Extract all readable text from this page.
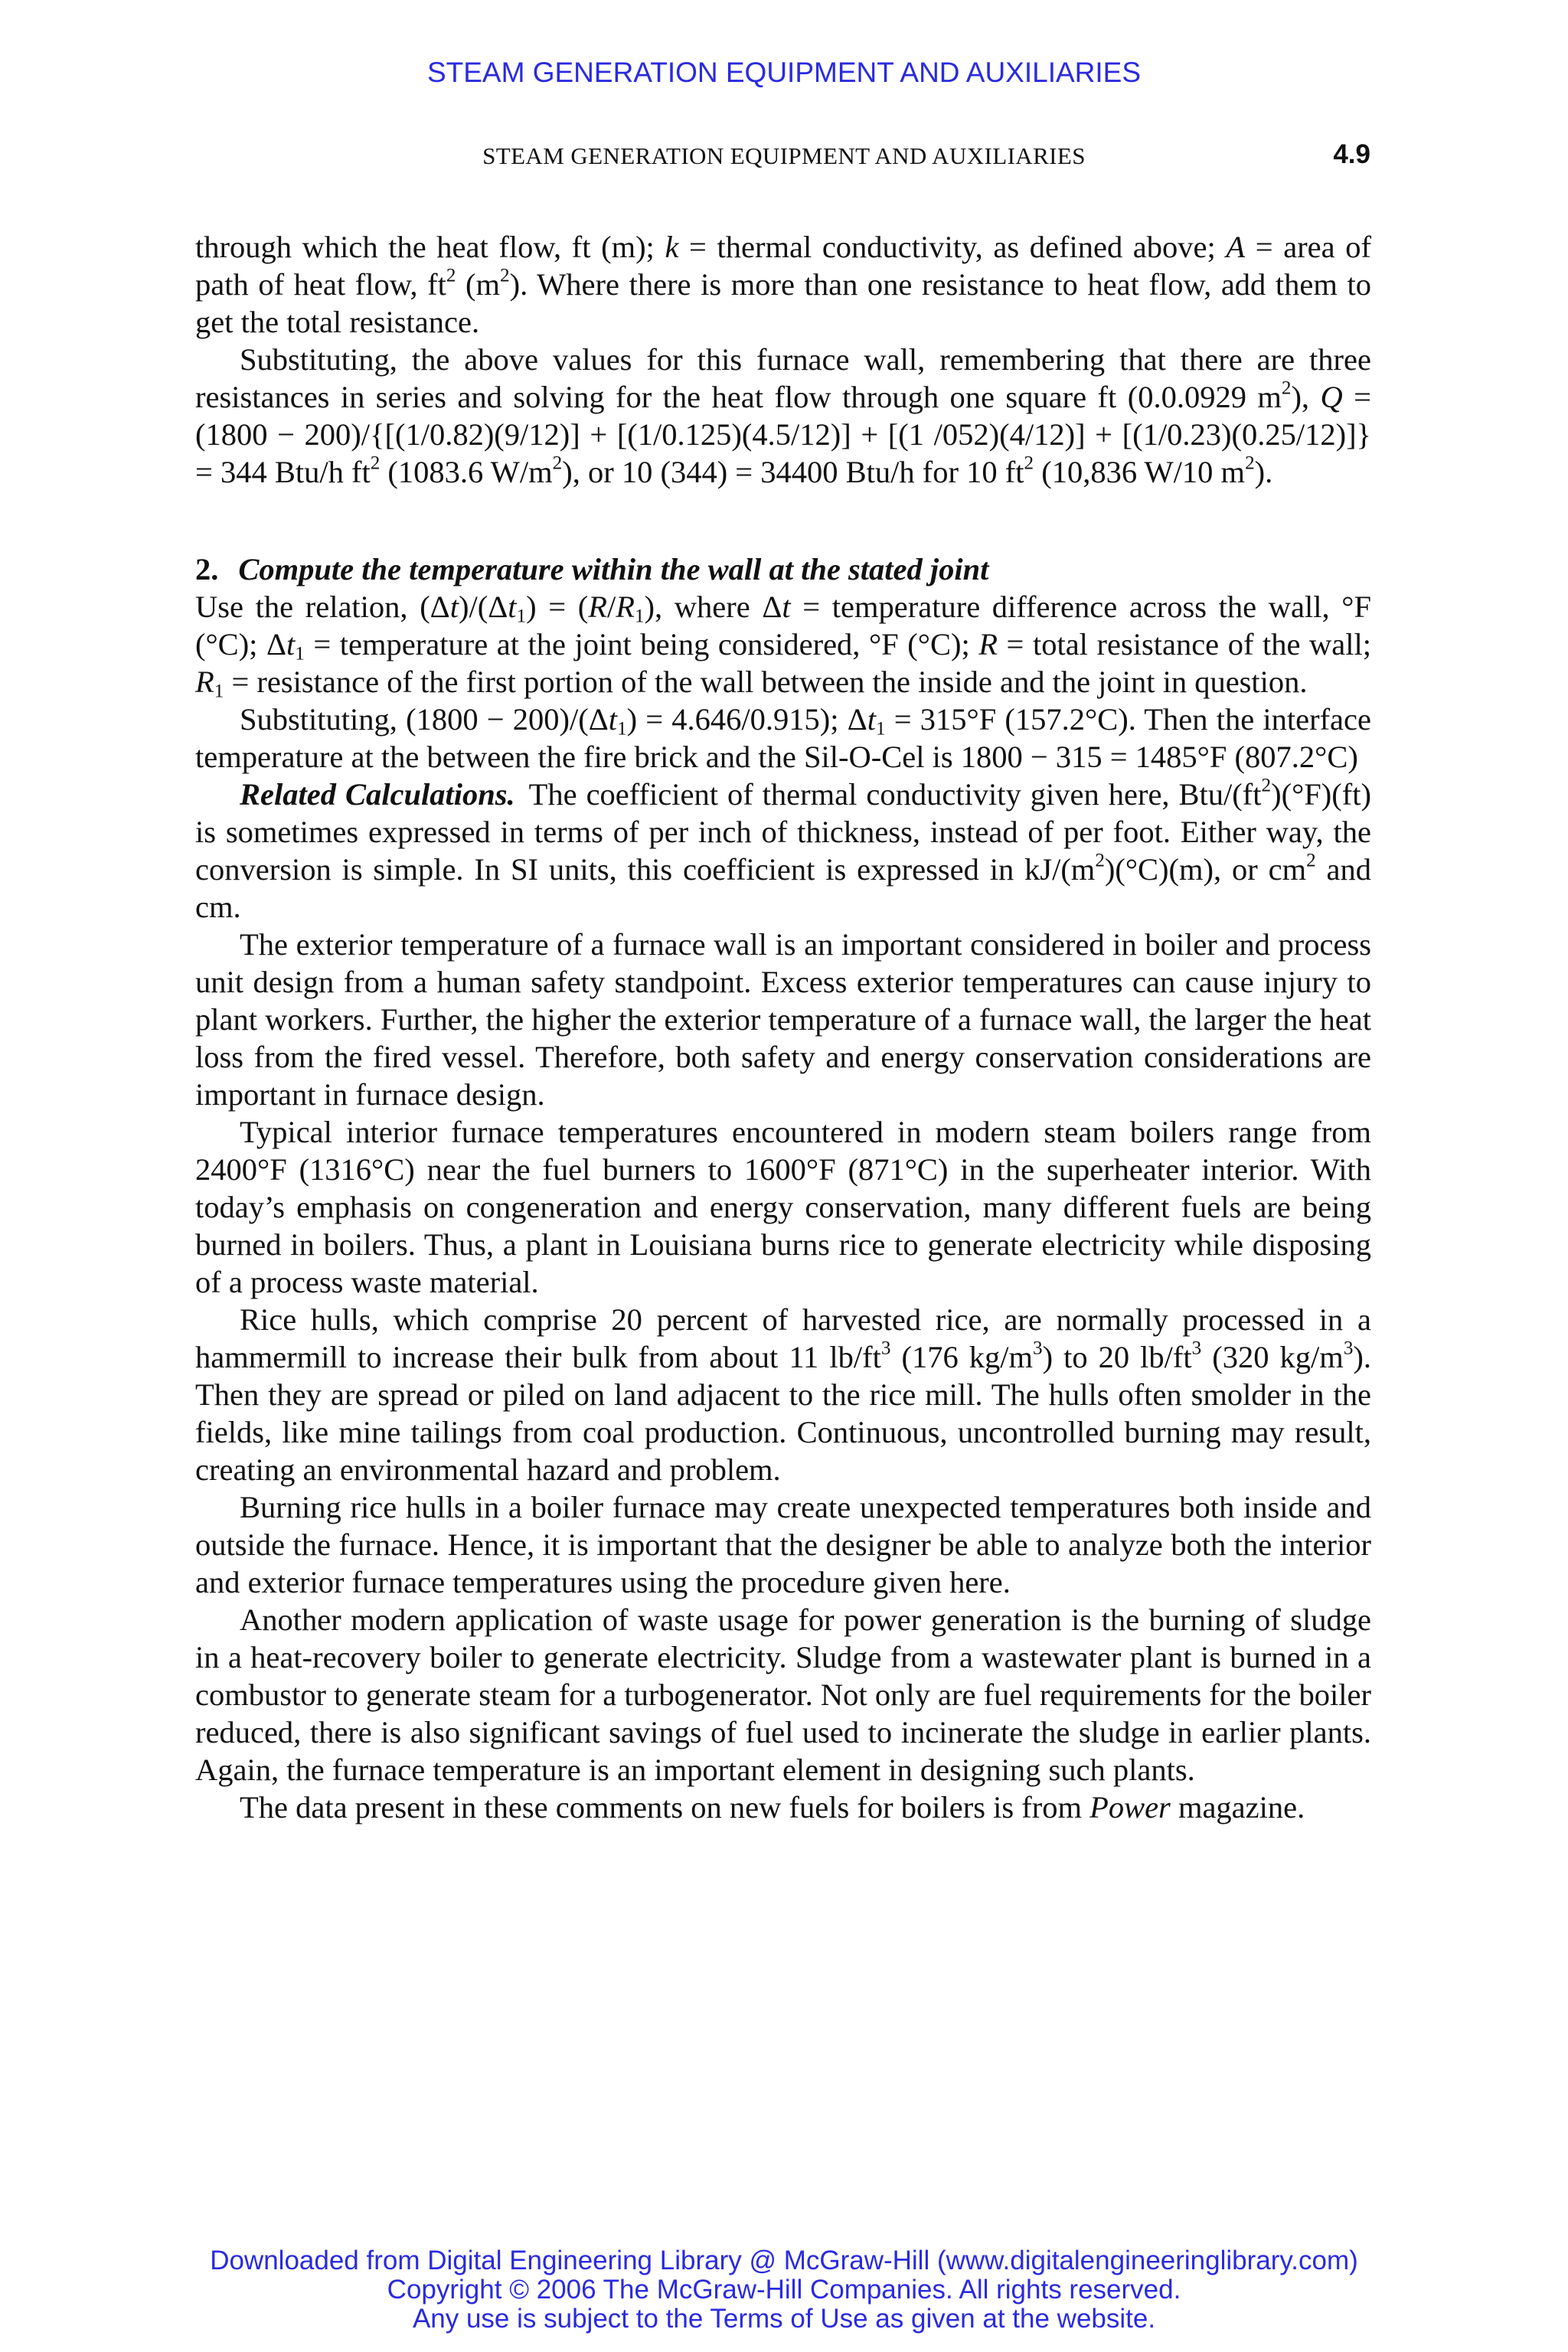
STEAM GENERATION EQUIPMENT AND AUXILIARIES
STEAM GENERATION EQUIPMENT AND AUXILIARIES	4.9

through which the heat flow, ft (m); k = thermal conductivity, as defined above; A = area of path of heat flow, $ft^2$ $(m^2)$. Where there is more than one resistance to heat flow, add them to get the total resistance.

Substituting, the above values for this furnace wall, remembering that there are three resistances in series and solving for the heat flow through one square ft (0.0.0929 $m^2$), Q = (1800 − 200)/{[(1/0.82)(9/12)] + [(1/0.125)(4.5/12)] + [(1 /052)(4/12)] + [(1/0.23)(0.25/12)]} = 344 Btu/h $ft^2$ (1083.6 $W/m^2$), or 10 (344) = 34400 Btu/h for 10 $ft^2$ (10,836 W/10 $m^2$).

2. Compute the temperature within the wall at the stated joint

Use the relation, $(\Delta t)/(\Delta t_1) = (R/R_1)$, where Δt = temperature difference across the wall, °F (°C); $\Delta t_1$ = temperature at the joint being considered, °F (°C); R = total resistance of the wall; $R_1$ = resistance of the first portion of the wall between the inside and the joint in question.

Substituting, $(1800 - 200)/(\Delta t_1) = 4.646/0.915$); $\Delta t_1 = 315^\circ F$ (157.2°C). Then the interface temperature at the between the fire brick and the Sil-O-Cel is 1800 − 315 = 1485°F (807.2°C)

Related Calculations. The coefficient of thermal conductivity given here, Btu/$(ft^2)(^\circ F)(ft)$ is sometimes expressed in terms of per inch of thickness, instead of per foot. Either way, the conversion is simple. In SI units, this coefficient is expressed in $kJ/(m^2)(^\circ C)(m)$, or $cm^2$ and cm.

The exterior temperature of a furnace wall is an important considered in boiler and process unit design from a human safety standpoint. Excess exterior temperatures can cause injury to plant workers. Further, the higher the exterior temperature of a furnace wall, the larger the heat loss from the fired vessel. Therefore, both safety and energy conservation considerations are important in furnace design.

Typical interior furnace temperatures encountered in modern steam boilers range from 2400°F (1316°C) near the fuel burners to 1600°F (871°C) in the superheater interior. With today’s emphasis on congeneration and energy conservation, many different fuels are being burned in boilers. Thus, a plant in Louisiana burns rice to generate electricity while disposing of a process waste material.

Rice hulls, which comprise 20 percent of harvested rice, are normally processed in a hammermill to increase their bulk from about 11 $lb/ft^3$ (176 $kg/m^3$) to 20 $lb/ft^3$ (320 $kg/m^3$). Then they are spread or piled on land adjacent to the rice mill. The hulls often smolder in the fields, like mine tailings from coal production. Continuous, uncontrolled burning may result, creating an environmental hazard and problem.

Burning rice hulls in a boiler furnace may create unexpected temperatures both inside and outside the furnace. Hence, it is important that the designer be able to analyze both the interior and exterior furnace temperatures using the procedure given here.

Another modern application of waste usage for power generation is the burning of sludge in a heat-recovery boiler to generate electricity. Sludge from a wastewater plant is burned in a combustor to generate steam for a turbogenerator. Not only are fuel requirements for the boiler reduced, there is also significant savings of fuel used to incinerate the sludge in earlier plants. Again, the furnace temperature is an important element in designing such plants.

The data present in these comments on new fuels for boilers is from Power magazine.

Downloaded from Digital Engineering Library @ McGraw-Hill (www.digitalengineeringlibrary.com)
Copyright © 2006 The McGraw-Hill Companies. All rights reserved.
Any use is subject to the Terms of Use as given at the website.
